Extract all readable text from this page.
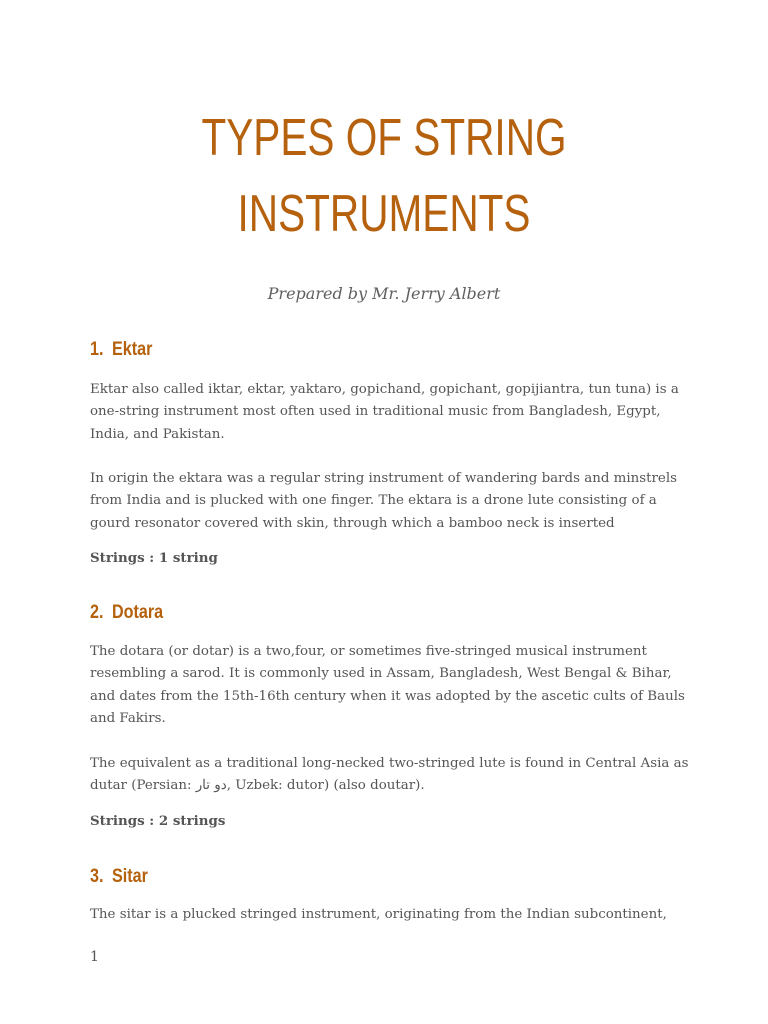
TYPES OF STRING
INSTRUMENTS

Prepared by Mr. Jerry Albert

1. Ektar

Ektar also called iktar, ektar, yaktaro, gopichand, gopichant, gopijiantra, tun tuna) is a one-string instrument most often used in traditional music from Bangladesh, Egypt, India, and Pakistan.

In origin the ektara was a regular string instrument of wandering bards and minstrels from India and is plucked with one finger. The ektara is a drone lute consisting of a gourd resonator covered with skin, through which a bamboo neck is inserted

Strings : 1 string

2. Dotara

The dotara (or dotar) is a two,four, or sometimes five-stringed musical instrument resembling a sarod. It is commonly used in Assam, Bangladesh, West Bengal & Bihar, and dates from the 15th-16th century when it was adopted by the ascetic cults of Bauls and Fakirs.

The equivalent as a traditional long-necked two-stringed lute is found in Central Asia as dutar (Persian: دو تار, Uzbek: dutor) (also doutar).

Strings : 2 strings

3. Sitar

The sitar is a plucked stringed instrument, originating from the Indian subcontinent,

1
